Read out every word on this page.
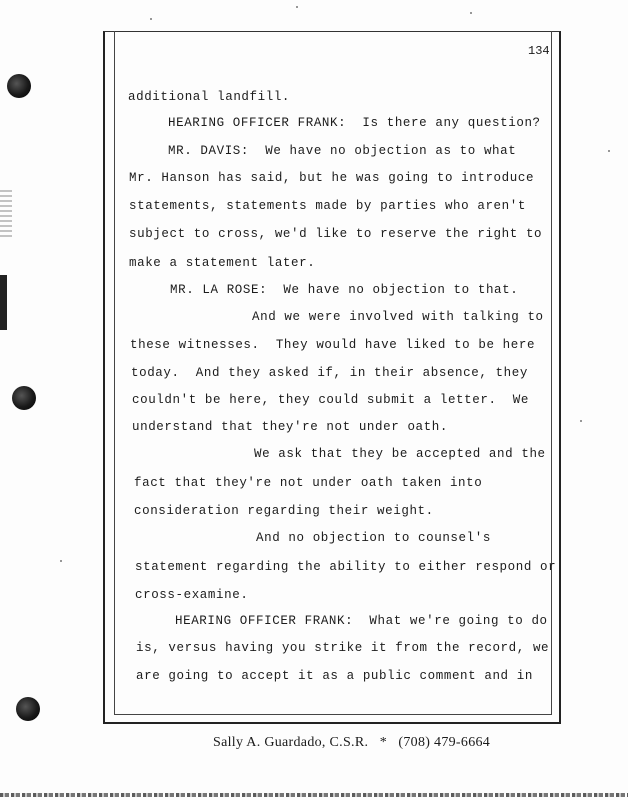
134
additional landfill.
HEARING OFFICER FRANK:  Is there any question?
MR. DAVIS:  We have no objection as to what
Mr. Hanson has said, but he was going to introduce
statements, statements made by parties who aren't
subject to cross, we'd like to reserve the right to
make a statement later.
MR. LA ROSE:  We have no objection to that.
And we were involved with talking to
these witnesses.  They would have liked to be here
today.  And they asked if, in their absence, they
couldn't be here, they could submit a letter.  We
understand that they're not under oath.
We ask that they be accepted and the
fact that they're not under oath taken into
consideration regarding their weight.
And no objection to counsel's
statement regarding the ability to either respond or
cross-examine.
HEARING OFFICER FRANK:  What we're going to do
is, versus having you strike it from the record, we
are going to accept it as a public comment and in
Sally A. Guardado, C.S.R. * (708) 479-6664
